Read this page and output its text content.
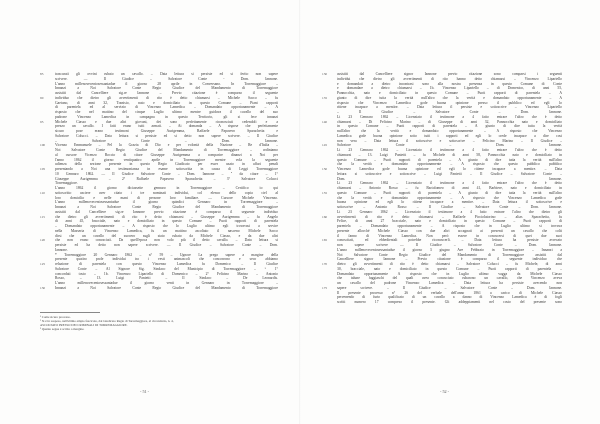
85	trascurati gli ovvini rubato un cavallo. – Data lettura si persiste ed si ferito non sapere
scrivere. — Il Giudice – Salvatore Conte - Dom. Iannone.
L'anno millenovecentosessantadue il giorno 28 aprile in Conversano. In Torremaggiore –
Innanzi a Noi Salvatore Conte Regio Giudice del Mandamento di Torremaggiore
assistiti dal Cancelliere sig.re Iannone – Previo citazione è comparso il seguente
90	individuo che dietro gli avvertimenti di rito è detto chiamarsi – Michele Sacco – fu
Gaetano, di anni 32, Tranisio, nato e domiciliato in questo Comune – Piani rapporti
di parentela ed al servizio di Vincenzo Lamedica – Domandato opportunamente – A
risposto che nel mattino del cinque Luglio ultimo mentre guidava il cavallo del suo
padrone Vincenzo Lamedica in campagna in questo Territorio, gli si fece innanzi
95	Michele Ciasso e due altri giovani, dei sono perfettamente riconosciuti cedendoli e a
prezzo un cavallo. I fatti erano tutti armati. – Ai domanda – A rispose che perfettamente
sicuro pose erano testimoni Giuseppe Aurigemma, Raffaele Papavero Sparachetta e
Salvatore Colucci. – Data lettura si persiste ed si detto non sapere scrivere. – Il Giudice
– Salvatore Conte – Dom. Iannone.
100	Vicenzo Emmanuele – Pel la Grazia di Dio e per volontà della Nazione – Re d'Italia –
Noi Salvatore Conte Regio Giudice del Mandamento di Torremaggiore – ordiniamo
al cursore Vicenzo Roccio di citare Giuseppe Aurigemma a comparire dinanzi a Noi per
l'anno 1862 il giorno ventiquattro aprile in Torremaggiore mentre vola la seguente
udienza della sezione presente in questo Regio Giudicato per esser usato in affari penali
105	presentando a Noi una testimonianza in esame sottoscritta in causa di Leggi Torremaggiore
10 Gennaro 1862. — Il Giudice Salvatore Conte – Dom. Iannone – " da citare – 1°
Giuseppe Aurigemma – 2° Raffaele Papavero Sparachetta – 3° Salvatore Colucci
Torremaggiore.
L'anno 1862 il giorno diciassette gennaro in Torremaggiore – Certifico io qui
110	sottoscritto usciere aver citato i tre nominati individui, col elenco dello copia ciel al
loro domicilio e nelle mani di persone loro familiare. — Cursore Michele Vincenzo.
L'anno millenovecentosessantadue il giorno quindici Gennaro in Torremaggiore –
Innanzi a Noi Salvatore Conte Regio Giudice del Mandamento di Torremaggiore
assistiti dal Cancelliere sig.re Iannone previo citazione è comparso il seguente individuo
115	che dietro gli avvertimenti di rito è detto chiamarsi – Giuseppe Aurigemma – fu Angelo
di anni 45, bracciale, nato e domiciliato in questo Comune – Puoti rapporti di parentela
– Domandato opportunamente – A risposto che lo Luglio ultimo egli trovavasi a servire
nella Masseria di Vincenzo Lamedica, fu un mattino ascoltato il nasceno Michele Sacco
dirsi che un cavallo del suocero sugli stato rubato da Michele Ciasso, e da due altri
120	che non erano conosciuti. Da quell'epoca non volo più il detto cavallo. – Data lettura si
persiste ed ha detto non sapere scrivere. — Il Giudice – Salvatore Conte – Dom.
Iannone.
* Torremaggiore 20 Gennaro 1862 – n° 59 – Ugnore La prego sapere a margine della
presente quattro prole individui tra i vesti animascoli che concorrono e seco abbiamo
125	relazione di parentela con questo Vincenzo Lamedica fu Domenico – Il Giudice
Salvatore Conte – Al Signore Sig. Sindaco del Municipio di Torremaggiore – ³ 1°
concordati tosto – 1b. Vincenzo Lipariello di Domenico – 2° Felicino Marino – Antonio
Rosso, – 13. Luigi Panietti – Il Sindaco – De Leonardis.
L'anno millenovecentosessantadue il giorno venti in Gennaro in Torremaggiore –
130	Innanzi a Noi Salvatore Conte Regio Giudice del Mandamento di Torremaggiore
¹ Come sicuro processo.
² Si è in sospeso, nell'ultimo ampio fascicolo, dal Giudicato Regio di Torremaggiore, al circondario, n. 4,
ASCOLTATO PRESSO DEI CRIMINALI DI TORREMAGGIORE.
³ Quanto segue è scritto a margine.
- 51 -
130	assistiti dal Cancelliere signor Iannone previo citazione sono comparsi i seguenti
individui che dietro gli avvertimenti di rito hanno detto chiamarsi – Vincenzo Lipariello
e domandati a dietro incontrasi sono alla nostra presenza in questo Comune di Conte
e domandare a dietro chiamarsi – 1b. Vincenzo Lipariello – di Domenico, di anni 55,
Pannocchia, nato e domiciliato in questo Comune – Puoti rapporti di parentela – A
135	giunto di dire tutta la verità null'altro che la verità e domandato opportunamente – A
risposto che Vincenzo Lamedica gode buona opinione presso il pubblico ed egli lo
ritiene incapace a mentire. – Data lettura il persiste e sottoscrive – Vincenzo Lipariello
– Il Giudice – Salvatore Conte – Dom. Iannone.
Li 23 Gennaro 1862 – Licenziato il testimone a 4 fatto entrare l'altro che è detto
140	chiamarsi – Di Felicino Marino – di Giuseppe di anni 32, Pannocchia nato e domiciliato
in questo Comune – Puoti rapporti di parentela – A giunto di dire tutta la verità
null'altro che la verità e domandato opportunamente – A risposto che Vincenzo
Lamedica gode buona opinione sotto tutti i rapporti ed egli lo crede incapace a dire cosi
non vera – Data lettura il sottoscrive e sottoscrive – Felicino Marino – Il Giudice –
145	Salvatore Conte – Dom. Iannone.
Li 23 Gennaro 1862 – Licenziato il testimone a 4 fatto entrare l'altro che è detto
chiamarsi – 13. Luigi Panietti – fu Michele di anni 58, Pannocchia nato e domiciliato in
questo Comune – Puoti rapporti di parentela – A giunto di dire tutta la verità null'altro
che la verità e domandato opportunamente – A risposto che questo pubblico pubblico
150	Vincenzo Lamedica gode buona opinione ed egli lo ritiene incapace a mentire. – Data
lettura si sottoscrive e sottoscrive – Luigi Panietti – Il Giudice – Salvatore Conte –
Dom. Iannone.
Li 23 Gennaro 1862 – Licenziato il testimone a 4 fatto entrare l'altro che è detto
chiamarsi – Antonio Rosso – fu Bartolomeo di anni 41, Barbiere, nato e domiciliato in
155	questo Comune – Puoti rapporti di parentela – A giunto di dire tutta la verità null'altro
che la verità e domandato opportunamente – A risposto che Vincenzo Lamedica gode
buona opinione ed egli lo ritiene incapace a mentire. – Data lettura il sottoscrive e
sottoscrive – Antonio Rosso – Il Giudice – Salvatore Conte – Dom. Iannone.
Li 23 Gennaro 1862 – Licenziato il testimone a 4 fatto entrare l'altro che dietro gli
160	avvertimenti di rito è detto chiamarsi – Raffaele Picciolatorino – alias Sparachetta, fu
Felice, di anni 27 bracciale, nato e domiciliato in questo Comune – Puoti rapporti di
parentela – Domandato opportunamente – A risposto che in Luglio ultimo si trovava
presente allorché Michele Ciasso con due altri accagnati ai presenti un cavallo che colti
il fanno di Vincenzo Lamedica. Non però essere in conoscersi di quei due suoi
165	conoscitati, ed ebbedientali potrebbe riconoscerli. – Data lettura ha persiste avrecato
non sapere scrivere — Il Giudice – Salvatore Conte – Dom. Iannone.
L'anno millenovecentosessantadue il giorno 3 giugno Ave Febbraio in Torremaggiore – Innanzi a
Noi Salvatore Conte Regio Giudice del Mandamento di Torremaggiore assistiti dal
Cancelliere signor Iannone – Previo citazione è comparso il seguente individuo che
170	dietro gli avvertimenti di rito è detto chiamarsi – Salvatore Colucci – fu Michele, di anni
30, bracciale, nato e domiciliato in questo Comune – Puoti rapporti di parentela –
Domandato opportunamente A risposto che in Luglio ultimo vagga da Michele Ciasso
che talune fuggiaschi del quali avea conosciuto rubarono un cavallo, che Vincenzo aveva
un cavallo del padrone Vincenzo Lamedica – Data lettura ha persiste avecendo non
175	sapere scrivere. – Il Giudice – Salvatore Conte – Dom. Iannone.
Il presente processo n° 26 del verbale dell'anno 1861 a carico di Michele Ciasso
pervenendo di furto qualificato di un cavallo a danno di Vincenzo Lamedica è di fogli
scritti numero 17 compreso il presente. Gli addeppiamenti nel costo del presente sono
- 52 -
